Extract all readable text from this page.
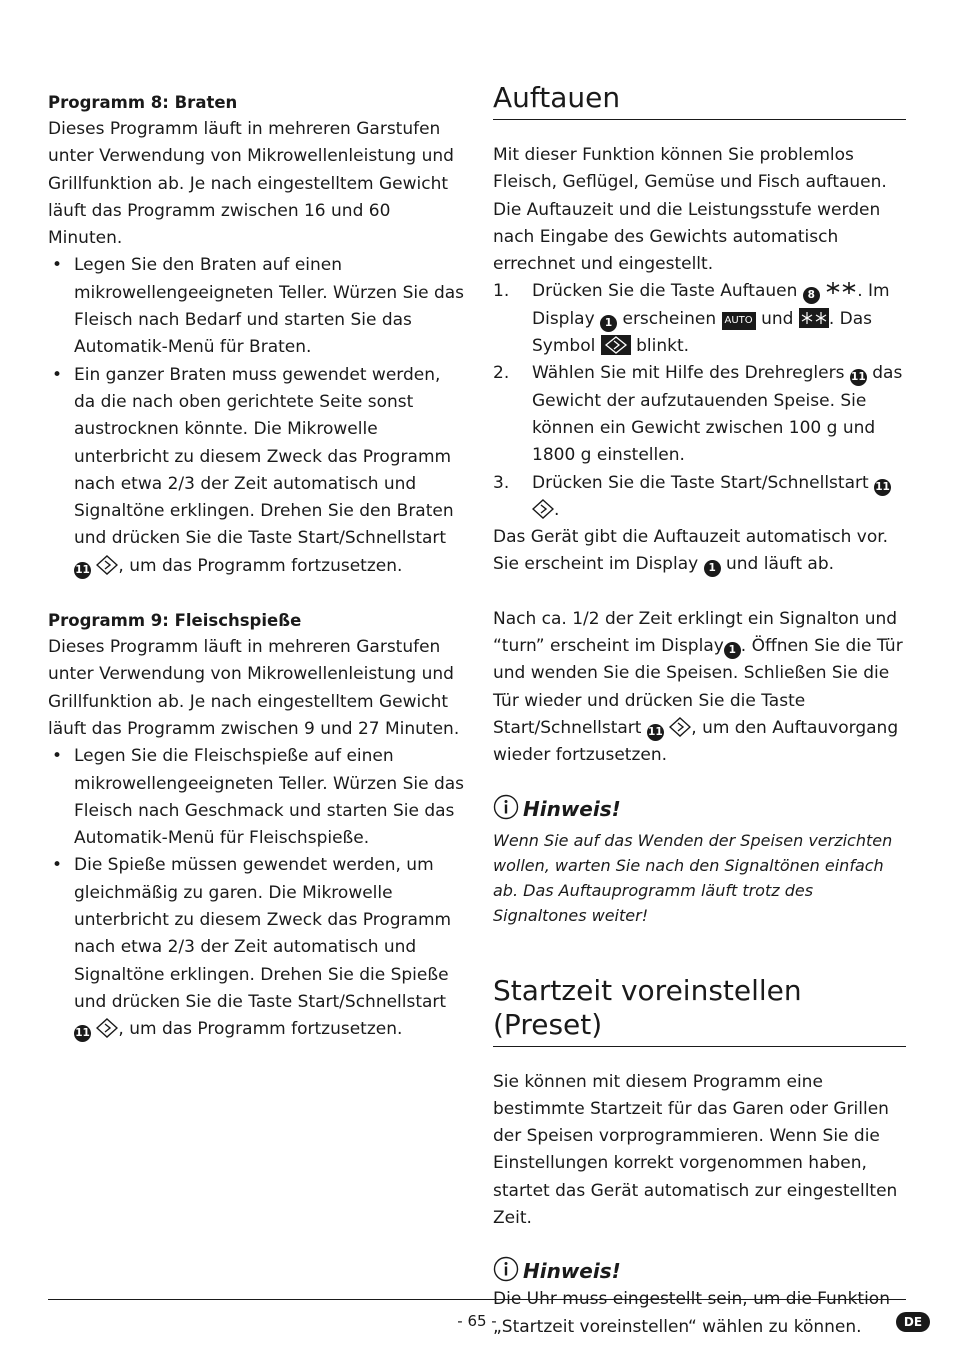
Programm 8: Braten

Dieses Programm läuft in mehreren Garstufen unter Verwendung von Mikrowellenleistung und Grillfunktion ab. Je nach eingestelltem Gewicht läuft das Programm zwischen 16 und 60 Minuten.

• Legen Sie den Braten auf einen mikrowellengeeigneten Teller. Würzen Sie das Fleisch nach Bedarf und starten Sie das Automatik-Menü für Braten.
• Ein ganzer Braten muss gewendet werden, da die nach oben gerichtete Seite sonst austrocknen könnte. Die Mikrowelle unterbricht zu diesem Zweck das Programm nach etwa 2/3 der Zeit automatisch und Signaltöne erklingen. Drehen Sie den Braten und drücken Sie die Taste Start/Schnellstart 11 , um das Programm fortzusetzen.

Programm 9: Fleischspieße

Dieses Programm läuft in mehreren Garstufen unter Verwendung von Mikrowellenleistung und Grillfunktion ab. Je nach eingestelltem Gewicht läuft das Programm zwischen 9 und 27 Minuten.

• Legen Sie die Fleischspieße auf einen mikrowellengeeigneten Teller. Würzen Sie das Fleisch nach Geschmack und starten Sie das Automatik-Menü für Fleischspieße.
• Die Spieße müssen gewendet werden, um gleichmäßig zu garen. Die Mikrowelle unterbricht zu diesem Zweck das Programm nach etwa 2/3 der Zeit automatisch und Signaltöne erklingen. Drehen Sie die Spieße und drücken Sie die Taste Start/Schnellstart 11 , um das Programm fortzusetzen.
Auftauen

Mit dieser Funktion können Sie problemlos Fleisch, Geflügel, Gemüse und Fisch auftauen. Die Auftauzeit und die Leistungsstufe werden nach Eingabe des Gewichts automatisch errechnet und eingestellt.

1. Drücken Sie die Taste Auftauen 8 . Im Display 1 erscheinen AUTO und . Das Symbol blinkt.
2. Wählen Sie mit Hilfe des Drehreglers 11 das Gewicht der aufzutauenden Speise. Sie können ein Gewicht zwischen 100 g und 1800 g einstellen.
3. Drücken Sie die Taste Start/Schnellstart 11 .

Das Gerät gibt die Auftauzeit automatisch vor. Sie erscheint im Display 1 und läuft ab.

Nach ca. 1/2 der Zeit erklingt ein Signalton und “turn” erscheint im Display 1 . Öffnen Sie die Tür und wenden Sie die Speisen. Schließen Sie die Tür wieder und drücken Sie die Taste Start/Schnellstart 11 , um den Auftauvorgang wieder fortzusetzen.

Hinweis!

Wenn Sie auf das Wenden der Speisen verzichten wollen, warten Sie nach den Signaltönen einfach ab. Das Auftauprogramm läuft trotz des Signaltones weiter!

Startzeit voreinstellen (Preset)

Sie können mit diesem Programm eine bestimmte Startzeit für das Garen oder Grillen der Speisen vorprogrammieren. Wenn Sie die Einstellungen korrekt vorgenommen haben, startet das Gerät automatisch zur eingestellten Zeit.

Hinweis!

Die Uhr muss eingestellt sein, um die Funktion „Startzeit voreinstellen“ wählen zu können.

- 65 -	DE
